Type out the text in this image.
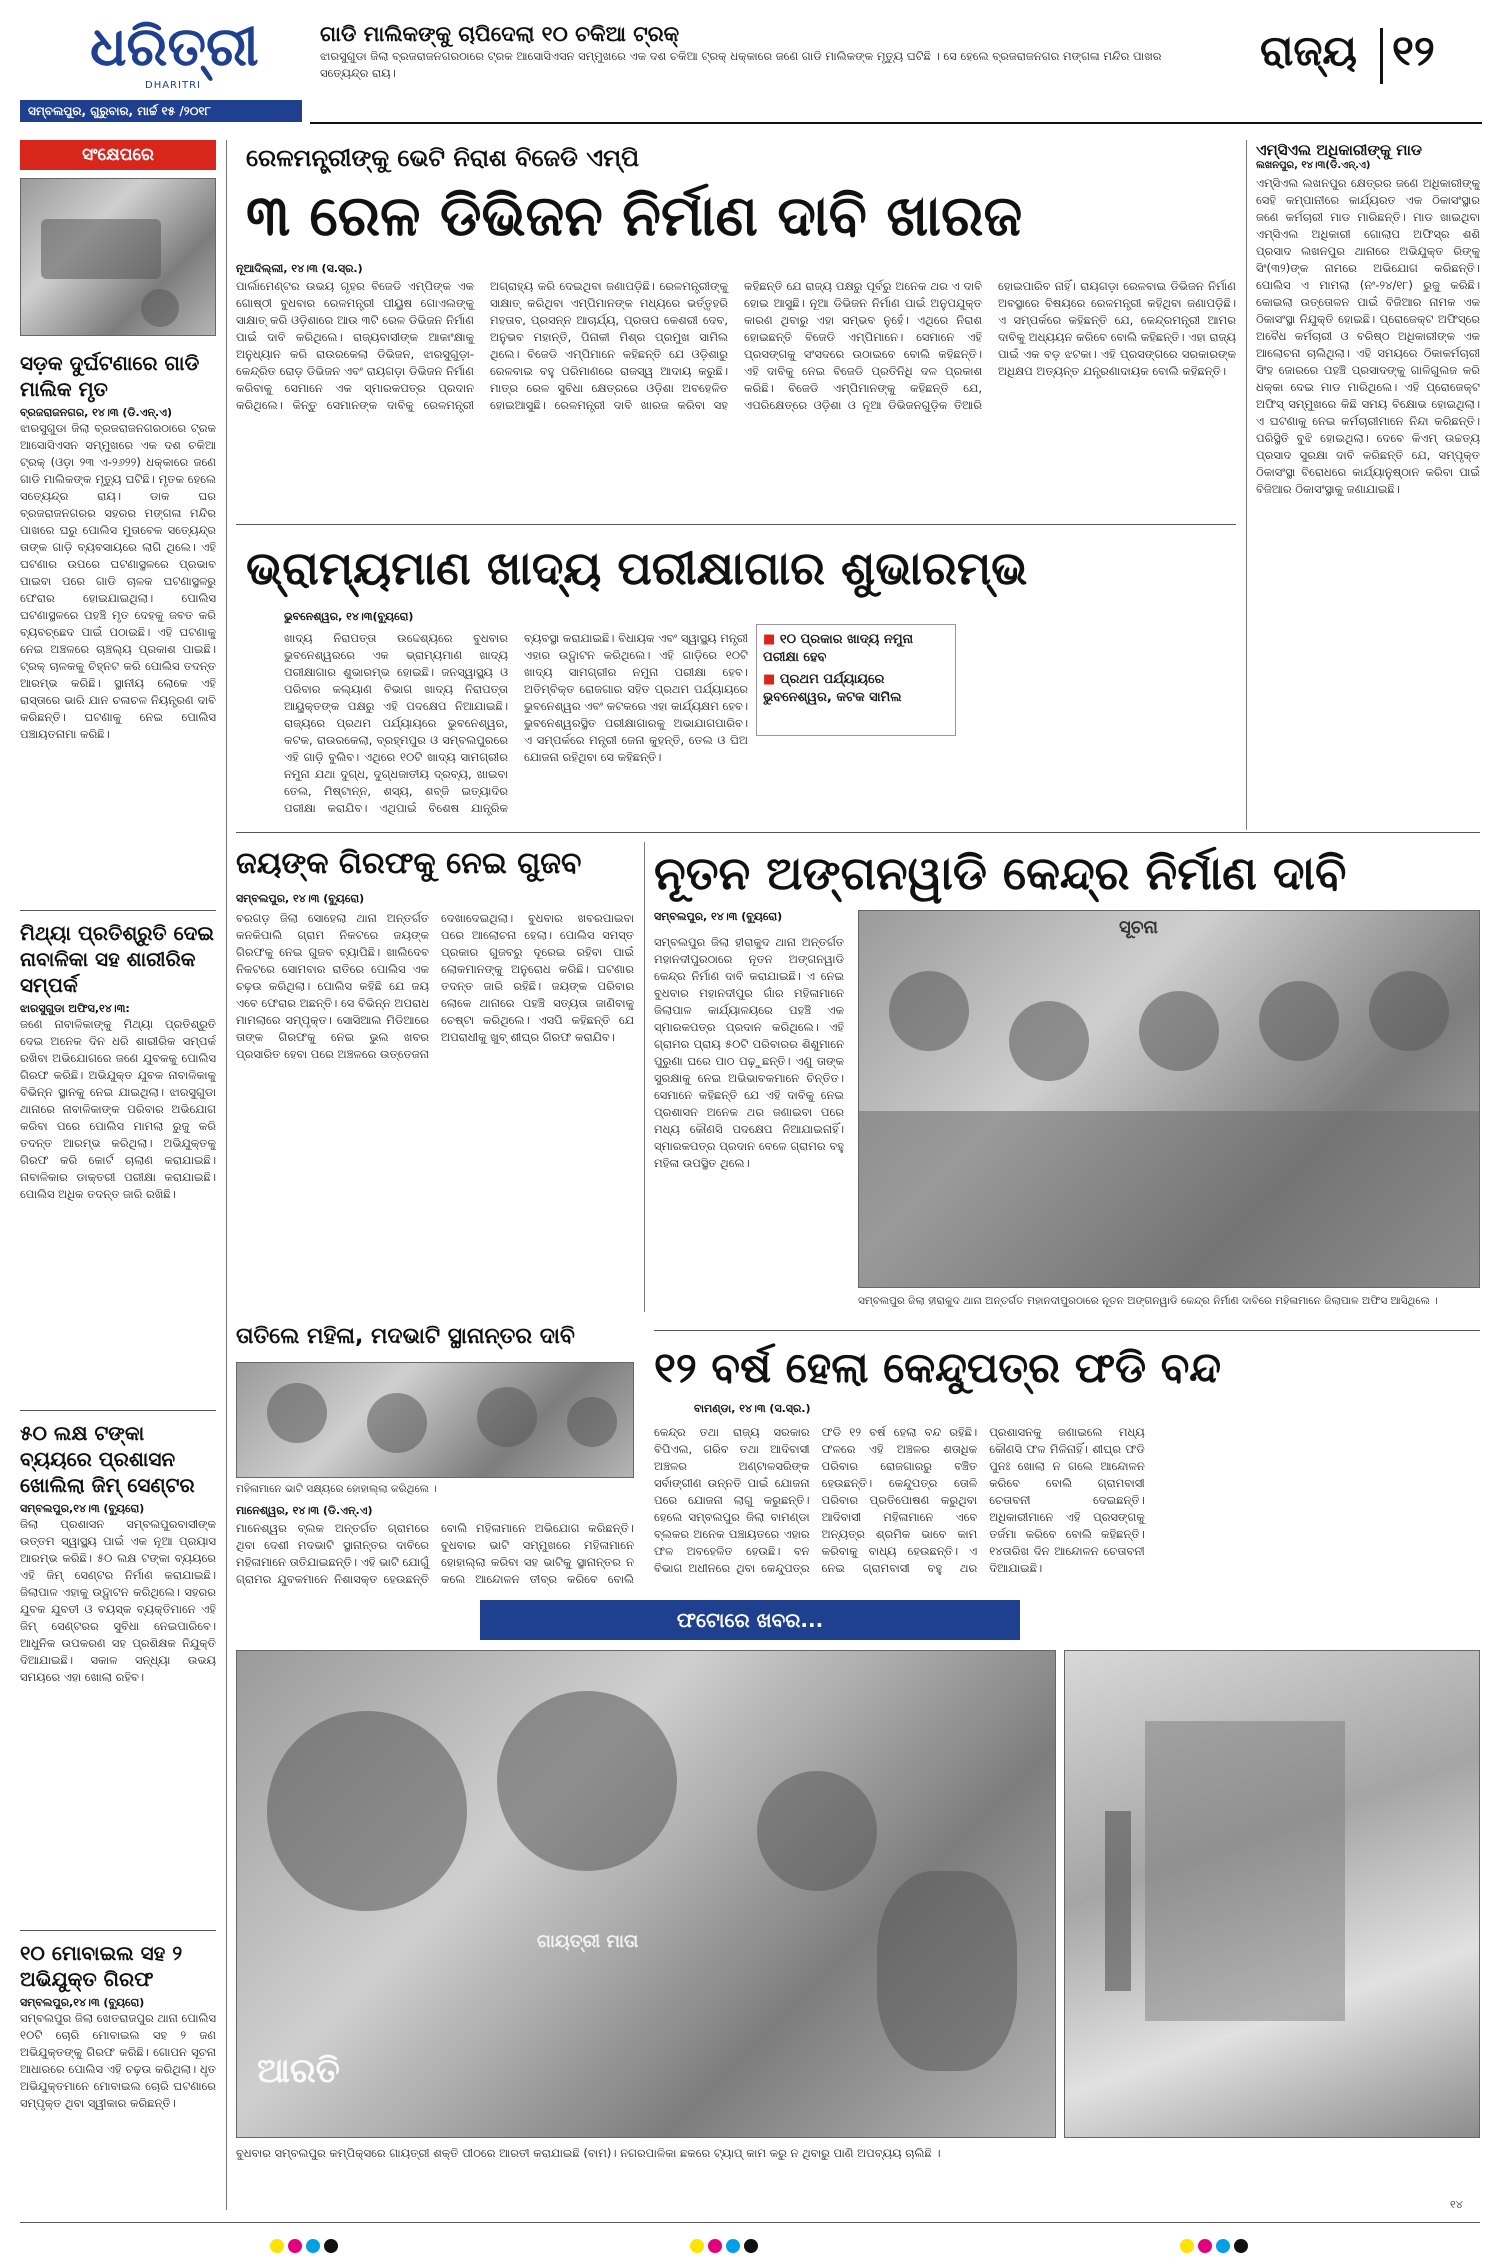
ଧରିତ୍ରୀ
DHARITRI
ସମ୍ବଲପୁର, ଗୁରୁବାର, ମାର୍ଚ୍ଚ ୧୫ /୨୦୧୮
ଗାଡି ମାଲିକଙ୍କୁ ଚାପିଦେଲା ୧୦ ଚକିଆ ଟ୍ରକ୍
ଝାରସୁଗୁଡା ଜିଲା ବ୍ରଜରାଜନଗରଠାରେ ଟ୍ରକ ଆସୋସିଏସନ ସମ୍ମୁଖରେ ଏକ ଦଶ ଚକିଆ ଟ୍ରକ୍ ଧକ୍କାରେ ଜଣେ ଗାଡି ମାଲିକଙ୍କ ମୃତ୍ୟୁ ଘଟିଛି । ସେ ହେଲେ ବ୍ରଜରାଜନଗର ମଙ୍ଗଳା ମନ୍ଦିର ପାଖର ସତ୍ୟେନ୍ଦ୍ର ରାୟ।	ରାଜ୍ୟ ୧୨
ସଂକ୍ଷେପରେ
ସଡ଼କ ଦୁର୍ଘଟଣାରେ ଗାଡି ମାଲିକ ମୃତ
ବ୍ରଜରାଜନଗର, ୧୪।୩ (ଡି.ଏନ୍.ଏ)
ଝାରସୁଗୁଡା ଜିଲା ବ୍ରଜରାଜନଗରଠାରେ ଟ୍ରକ ଆସୋସିଏସନ ସମ୍ମୁଖରେ ଏକ ଦଶ ଚକିଆ ଟ୍ରକ୍ (ଓଡ଼ା ୨୩ ଏ-୨୬୨୨) ଧକ୍କାରେ ଜଣେ ଗାଡି ମାଲିକଙ୍କ ମୃତ୍ୟୁ ଘଟିଛି। ମୃତକ ହେଲେ ସତ୍ୟେନ୍ଦ୍ର ରାୟ। ଡାକ ଘର ବ୍ରଜରାଜନଗରର ସହରର ମଙ୍ଗଳା ମନ୍ଦିର ପାଖରେ ଘରୁ ପୋଲିସ ମୁତାବେକ ସତ୍ୟେନ୍ଦ୍ର ତାଙ୍କ ଗାଡ଼ି ବ୍ୟବସାୟରେ ଲାଗି ଥିଲେ। ଏହି ଘଟଣାର ଉପରେ ଘଟଣାସ୍ଥଳରେ ପ୍ରଭାବ ପାଇବା ପରେ ଗାଡି ଚାଳକ ଘଟଣାସ୍ଥଳରୁ ଫେରାର ହୋଇଯାଇଥିଲା। ପୋଲିସ ଘଟଣାସ୍ଥଳରେ ପହଞ୍ଚି ମୃତ ଦେହକୁ ଜବତ କରି ବ୍ୟବଚ୍ଛେଦ ପାଇଁ ପଠାଇଛି। ଏହି ଘଟଣାକୁ ନେଇ ଅଞ୍ଚଳରେ ଚାଞ୍ଚଲ୍ୟ ପ୍ରକାଶ ପାଇଛି। ଟ୍ରକ୍ ଚାଳକକୁ ଚିହ୍ନଟ କରି ପୋଲିସ ତଦନ୍ତ ଆରମ୍ଭ କରିଛି। ସ୍ଥାନୀୟ ଲୋକେ ଏହି ରାସ୍ତାରେ ଭାରି ଯାନ ଚଳାଚଳ ନିୟନ୍ତ୍ରଣ ଦାବି କରିଛନ୍ତି। ଘଟଣାକୁ ନେଇ ପୋଲିସ ପଞ୍ଚାୟତନାମା କରିଛି।
ମିଥ୍ୟା ପ୍ରତିଶ୍ରୁତି ଦେଇ ନାବାଳିକା ସହ ଶାରୀରିକ ସମ୍ପର୍କ
ଝାରସୁଗୁଡା ଅଫିସ,୧୪।୩:
ଜଣେ ନାବାଳିକାଙ୍କୁ ମିଥ୍ୟା ପ୍ରତିଶ୍ରୁତି ଦେଇ ଅନେକ ଦିନ ଧରି ଶାରୀରିକ ସମ୍ପର୍କ ରଖିବା ଅଭିଯୋଗରେ ଜଣେ ଯୁବକକୁ ପୋଲିସ ଗିରଫ କରିଛି। ଅଭିଯୁକ୍ତ ଯୁବକ ନାବାଳିକାକୁ ବିଭିନ୍ନ ସ୍ଥାନକୁ ନେଇ ଯାଇଥିଲା। ଝାରସୁଗୁଡା ଥାନାରେ ନାବାଳିକାଙ୍କ ପରିବାର ଅଭିଯୋଗ କରିବା ପରେ ପୋଲିସ ମାମଲା ରୁଜୁ କରି ତଦନ୍ତ ଆରମ୍ଭ କରିଥିଲା। ଅଭିଯୁକ୍ତକୁ ଗିରଫ କରି କୋର୍ଟ ଚାଲାଣ କରାଯାଇଛି। ନାବାଳିକାର ଡାକ୍ତରୀ ପରୀକ୍ଷା କରାଯାଇଛି। ପୋଲିସ ଅଧିକ ତଦନ୍ତ ଜାରି ରଖିଛି।
୫୦ ଲକ୍ଷ ଟଙ୍କା ବ୍ୟୟରେ ପ୍ରଶାସନ ଖୋଲିଲା ଜିମ୍ ସେଣ୍ଟର
ସମ୍ବଲପୁର,୧୪।୩ (ବ୍ୟୁରୋ)
ଜିଲା ପ୍ରଶାସନ ସମ୍ବଲପୁରବାସୀଙ୍କ ଉତ୍ତମ ସ୍ୱାସ୍ଥ୍ୟ ପାଇଁ ଏକ ନୂଆ ପ୍ରୟାସ ଆରମ୍ଭ କରିଛି। ୫୦ ଲକ୍ଷ ଟଙ୍କା ବ୍ୟୟରେ ଏହି ଜିମ୍ ସେଣ୍ଟର ନିର୍ମାଣ କରାଯାଇଛି। ଜିଲାପାଳ ଏହାକୁ ଉଦ୍ଘାଟନ କରିଥିଲେ। ସହରର ଯୁବକ ଯୁବତୀ ଓ ବୟସ୍କ ବ୍ୟକ୍ତିମାନେ ଏହି ଜିମ୍ ସେଣ୍ଟରର ସୁବିଧା ନେଇପାରିବେ। ଆଧୁନିକ ଉପକରଣ ସହ ପ୍ରଶିକ୍ଷକ ନିଯୁକ୍ତି ଦିଆଯାଇଛି। ସକାଳ ସନ୍ଧ୍ୟା ଉଭୟ ସମୟରେ ଏହା ଖୋଲା ରହିବ।
୧୦ ମୋବାଇଲ ସହ ୨ ଅଭିଯୁକ୍ତ ଗିରଫ
ସମ୍ବଲପୁର,୧୪।୩ (ବ୍ୟୁରୋ)
ସମ୍ବଲପୁର ଜିଲା ଖେତରାଜପୁର ଥାନା ପୋଲିସ ୧୦ଟି ଚୋରି ମୋବାଇଲ ସହ ୨ ଜଣ ଅଭିଯୁକ୍ତଙ୍କୁ ଗିରଫ କରିଛି। ଗୋପନ ସୂଚନା ଆଧାରରେ ପୋଲିସ ଏହି ଚଢ଼ଉ କରିଥିଲା। ଧୃତ ଅଭିଯୁକ୍ତମାନେ ମୋବାଇଲ ଚୋରି ଘଟଣାରେ ସମ୍ପୃକ୍ତ ଥିବା ସ୍ୱୀକାର କରିଛନ୍ତି।
ରେଳମନ୍ତ୍ରୀଙ୍କୁ ଭେଟି ନିରାଶ ବିଜେଡି ଏମ୍‌ପି
୩ ରେଳ ଡିଭିଜନ ନିର୍ମାଣ ଦାବି ଖାରଜ
ନୂଆଦିଲ୍ଲୀ, ୧୪।୩ (ସ.ସ୍ର.)
ପାର୍ଲାମେଣ୍ଟର ଉଭୟ ଗୃହର ବିଜେଡି ଏମ୍‌ପିଙ୍କ ଏକ ଗୋଷ୍ଠୀ ବୁଧବାର ରେଳମନ୍ତ୍ରୀ ପୀୟୁଷ ଗୋଏଲଙ୍କୁ ସାକ୍ଷାତ୍ କରି ଓଡ଼ିଶାରେ ଆଉ ୩ଟି ରେଳ ଡିଭିଜନ ନିର୍ମାଣ ପାଇଁ ଦାବି କରିଥିଲେ। ରାଜ୍ୟବାସୀଙ୍କ ଆକାଂକ୍ଷାକୁ ଅନୁଧ୍ୟାନ କରି ରାଉରକେଲା ଡିଭିଜନ, ଝାରସୁଗୁଡ଼ା-କେନ୍ଦ୍ରିତ ରୋଡ଼ ଡିଭିଜନ ଏବଂ ରାୟଗଡ଼ା ଡିଭିଜନ ନିର୍ମାଣ କରିବାକୁ ସେମାନେ ଏକ ସ୍ମାରକପତ୍ର ପ୍ରଦାନ କରିଥିଲେ। କିନ୍ତୁ ସେମାନଙ୍କ ଦାବିକୁ ରେଳମନ୍ତ୍ରୀ ଅଗ୍ରାହ୍ୟ କରି ଦେଇଥିବା ଜଣାପଡ଼ିଛି। ରେଳମନ୍ତ୍ରୀଙ୍କୁ ସାକ୍ଷାତ୍ କରିଥିବା ଏମ୍‌ପିମାନଙ୍କ ମଧ୍ୟରେ ଭର୍ତ୍ତୃହରି ମହତାବ, ପ୍ରସନ୍ନ ଆଚାର୍ଯ୍ୟ, ପ୍ରତାପ କେଶରୀ ଦେବ, ଅନୁଭବ ମହାନ୍ତି, ପିନାକୀ ମିଶ୍ର ପ୍ରମୁଖ ସାମିଲ ଥିଲେ। ବିଜେଡି ଏମ୍‌ପିମାନେ କହିଛନ୍ତି ଯେ ଓଡ଼ିଶାରୁ ରେଳବାଇ ବହୁ ପରିମାଣରେ ରାଜସ୍ୱ ଆଦାୟ କରୁଛି। ମାତ୍ର ରେଳ ସୁବିଧା କ୍ଷେତ୍ରରେ ଓଡ଼ିଶା ଅବହେଳିତ ହୋଇଆସୁଛି। ରେଳମନ୍ତ୍ରୀ ଦାବି ଖାରଜ କରିବା ସହ କହିଛନ୍ତି ଯେ ରାଜ୍ୟ ପକ୍ଷରୁ ପୂର୍ବରୁ ଅନେକ ଥର ଏ ଦାବି ହୋଇ ଆସୁଛି। ନୂଆ ଡିଭିଜନ ନିର୍ମାଣ ପାଇଁ ଅନୁପଯୁକ୍ତ କାରଣ ଥିବାରୁ ଏହା ସମ୍ଭବ ନୁହେଁ। ଏଥିରେ ନିରାଶ ହୋଇଛନ୍ତି ବିଜେଡି ଏମ୍‌ପିମାନେ। ସେମାନେ ଏହି ପ୍ରସଙ୍ଗକୁ ସଂସଦରେ ଉଠାଇବେ ବୋଲି କହିଛନ୍ତି। ଏହି ଦାବିକୁ ନେଇ ବିଜେଡି ପ୍ରତିନିଧି ଦଳ ପ୍ରକାଶ କରିଛି। ବିଜେଡି ଏମ୍‌ପିମାନଙ୍କୁ କହିଛନ୍ତି ଯେ, ଏପରିକ୍ଷେତ୍ରେ ଓଡ଼ିଶା ଓ ନୂଆ ଡିଭିଜନଗୁଡ଼ିକ ତିଆରି ହୋଇପାରିବ ନାହିଁ। ରାୟଗଡ଼ା ରେଳବାଇ ଡିଭିଜନ ନିର୍ମାଣ ଅବସ୍ଥାରେ ବିଷୟରେ ରେଳମନ୍ତ୍ରୀ କହିଥିବା ଜଣାପଡ଼ିଛି। ଏ ସମ୍ପର୍କରେ କହିଛନ୍ତି ଯେ, କେନ୍ଦ୍ରମନ୍ତ୍ରୀ ଆମର ଦାବିକୁ ଅଧ୍ୟୟନ କରିବେ ବୋଲି କହିଛନ୍ତି। ଏହା ରାଜ୍ୟ ପାଇଁ ଏକ ବଡ଼ ଝଟକା। ଏହି ପ୍ରସଙ୍ଗରେ ସରକାରଙ୍କ ଅଧିକ୍ଷପ ଅତ୍ୟନ୍ତ ଯନ୍ତ୍ରଣାଦାୟକ ବୋଲି କହିଛନ୍ତି।
ଏମ୍‌ସିଏଲ ଅଧିକାରୀଙ୍କୁ ମାଡ
ଲଖନପୁର, ୧୪।୩(ଡି.ଏନ୍.ଏ)
ଏମ୍‌ସିଏଲ ଲଖନପୁର କ୍ଷେତ୍ରର ଜଣେ ଅଧିକାରୀଙ୍କୁ ସେହି କମ୍ପାନୀରେ କାର୍ଯ୍ୟରତ ଏକ ଠିକାସଂସ୍ଥାର ଜଣେ କର୍ମଚାରୀ ମାଡ ମାରିଛନ୍ତି। ମାଡ ଖାଇଥିବା ଏମ୍‌ସିଏଲ ଅଧିକାରୀ ଗୋଲାପ ଅଫିସ୍‌ର ଶଶି ପ୍ରସାଦ ଲଖନପୁର ଥାନାରେ ଅଭିଯୁକ୍ତ ରିଙ୍କୁ ସିଂ(୩୨)ଙ୍କ ନାମରେ ଅଭିଯୋଗ କରିଛନ୍ତି। ପୋଲିସ ଏ ମାମଲା (ନଂ-୨୪/୧୮) ରୁଜୁ କରିଛି। କୋଇଲା ଉତ୍ତୋଳନ ପାଇଁ ବିଜିଆର ନାମକ ଏକ ଠିକାସଂସ୍ଥା ନିଯୁକ୍ତି ହୋଇଛି। ପ୍ରୋଜେକ୍ଟ ଅଫିସ୍‌ରେ ଅବୈଧ କର୍ମଚାରୀ ଓ ବରିଷ୍ଠ ଅଧିକାରୀଙ୍କ ଏକ ଆଲୋଚନା ଚାଲିଥିଲା। ଏହି ସମୟରେ ଠିକାକର୍ମଚାରୀ ସିଂହ ଜୋରରେ ପହଞ୍ଚି ପ୍ରସାଦଙ୍କୁ ଗାଳିଗୁଲଜ କରି ଧକ୍କା ଦେଇ ମାଡ ମାରିଥିଲେ। ଏହି ପ୍ରୋଜେକ୍ଟ ଅଫିସ୍ ସମ୍ମୁଖରେ କିଛି ସମୟ ବିକ୍ଷୋଭ ହୋଇଥିଲା। ଏ ଘଟଣାକୁ ନେଇ କର୍ମଚାରୀମାନେ ନିନ୍ଦା କରିଛନ୍ତି। ପରିସ୍ଥିତି ବୁଝି ହୋଇଥିଲା। ଦେବେ କିଏମ୍ ଉଚ୍ଚତ୍ୟ ପ୍ରସାଦ ସୁରକ୍ଷା ଦାବି କରିଛନ୍ତି ଯେ, ସମ୍ପୃକ୍ତ ଠିକାସଂସ୍ଥା ବିରୋଧରେ କାର୍ଯ୍ୟାନୁଷ୍ଠାନ କରିବା ପାଇଁ ବିଜିଆର ଠିକାସଂସ୍ଥାକୁ ଜଣାଯାଇଛି।
ଭ୍ରାମ୍ୟମାଣ ଖାଦ୍ୟ ପରୀକ୍ଷାଗାର ଶୁଭାରମ୍ଭ
ଭୁବନେଶ୍ୱର, ୧୪।୩(ବ୍ୟୁରୋ)
ଖାଦ୍ୟ ନିରାପତ୍ତା ଉଦ୍ଦେଶ୍ୟରେ ବୁଧବାର ଭୁବନେଶ୍ୱରରେ ଏକ ଭ୍ରାମ୍ୟମାଣ ଖାଦ୍ୟ ପରୀକ୍ଷାଗାର ଶୁଭାରମ୍ଭ ହୋଇଛି। ଜନସ୍ୱାସ୍ଥ୍ୟ ଓ ପରିବାର କଲ୍ୟାଣ ବିଭାଗ ଖାଦ୍ୟ ନିରାପତ୍ତା ଆୟୁକ୍ତଙ୍କ ପକ୍ଷରୁ ଏହି ପଦକ୍ଷେପ ନିଆଯାଇଛି। ରାଜ୍ୟରେ ପ୍ରଥମ ପର୍ଯ୍ୟାୟରେ ଭୁବନେଶ୍ୱର, କଟକ, ରାଉରକେଲା, ବ୍ରହ୍ମପୁର ଓ ସମ୍ବଲପୁରରେ ଏହି ଗାଡ଼ି ବୁଲିବ। ଏଥିରେ ୧୦ଟି ଖାଦ୍ୟ ସାମଗ୍ରୀର ନମୁନା ଯଥା ଦୁଗ୍ଧ, ଦୁଗ୍ଧଜାତୀୟ ଦ୍ରବ୍ୟ, ଖାଇବା ତେଲ, ମିଷ୍ଟାନ୍ନ, ଶସ୍ୟ, ଶବ୍ଜି ଇତ୍ୟାଦିର ପରୀକ୍ଷା କରାଯିବ। ଏଥିପାଇଁ ବିଶେଷ ଯାନ୍ତ୍ରିକ ବ୍ୟବସ୍ଥା କରାଯାଇଛି। ବିଧାୟକ ଏବଂ ସ୍ୱାସ୍ଥ୍ୟ ମନ୍ତ୍ରୀ ଏହାର ଉଦ୍ଘାଟନ କରିଥିଲେ। ଏହି ଗାଡ଼ିରେ ୧୦ଟି ଖାଦ୍ୟ ସାମଗ୍ରୀର ନମୁନା ପରୀକ୍ଷା ହେବ। ଅତିମ୍ବିକ୍ତ ରୋଜଗାର ସହିତ ପ୍ରଥମ ପର୍ଯ୍ୟାୟରେ ଭୁବନେଶ୍ୱର ଏବଂ କଟକରେ ଏହା କାର୍ଯ୍ୟକ୍ଷମ ହେବ। ଭୁବନେଶ୍ୱରସ୍ଥିତ ପରୀକ୍ଷାଗାରକୁ ଅଭାଯାଗପାରିବ। ଏ ସମ୍ପର୍କରେ ମନ୍ତ୍ରୀ ଜେନା କୁହନ୍ତି, ତେଲ ଓ ଘିଅ ଯୋଜନା ରହିଥିବା ସେ କହିଛନ୍ତି।
■ ୧୦ ପ୍ରକାର ଖାଦ୍ୟ ନମୁନା ପରୀକ୍ଷା ହେବ
■ ପ୍ରଥମ ପର୍ଯ୍ୟାୟରେ ଭୁବନେଶ୍ୱର, କଟକ ସାମିଲ
ଜୟଙ୍କ ଗିରଫକୁ ନେଇ ଗୁଜବ
ସମ୍ବଲପୁର, ୧୪।୩ (ବ୍ୟୁରୋ)
ବରଗଡ଼ ଜିଲା ସୋହେଲା ଥାନା ଅନ୍ତର୍ଗତ କନକିପାଲି ଗ୍ରାମ ନିକଟରେ ଜୟଙ୍କ ଗିରଫକୁ ନେଇ ଗୁଜବ ବ୍ୟାପିଛି। ଖାଲିଦେବ ନିକଟରେ ସୋମବାର ରାତିରେ ପୋଲିସ ଏକ ଚଢ଼ଉ କରିଥିଲା। ପୋଲିସ କହିଛି ଯେ ଜୟ ଏବେ ଫେରାର ଅଛନ୍ତି। ସେ ବିଭିନ୍ନ ଅପରାଧ ମାମଲାରେ ସମ୍ପୃକ୍ତ। ସୋସିଆଲ ମିଡିଆରେ ତାଙ୍କ ଗିରଫକୁ ନେଇ ଭୁଲ ଖବର ପ୍ରସାରିତ ହେବା ପରେ ଅଞ୍ଚଳରେ ଉତ୍ତେଜନା ଦେଖାଦେଇଥିଲା। ବୁଧବାର ଖବରପାଇବା ପରେ ଆଲୋଚନା ହେଲା। ପୋଲିସ ସମସ୍ତ ପ୍ରକାର ଗୁଜବରୁ ଦୂରେଇ ରହିବା ପାଇଁ ଲୋକମାନଙ୍କୁ ଅନୁରୋଧ କରିଛି। ଘଟଣାର ତଦନ୍ତ ଜାରି ରହିଛି। ଜୟଙ୍କ ପରିବାର ଲୋକେ ଥାନାରେ ପହଞ୍ଚି ସତ୍ୟତା ଜାଣିବାକୁ ଚେଷ୍ଟା କରିଥିଲେ। ଏସପି କହିଛନ୍ତି ଯେ ଅପରାଧୀକୁ ଖୁବ୍ ଶୀଘ୍ର ଗିରଫ କରାଯିବ।
ନୂତନ ଅଙ୍ଗନୱାଡି କେନ୍ଦ୍ର ନିର୍ମାଣ ଦାବି
ସମ୍ବଲପୁର, ୧୪।୩ (ବ୍ୟୁରୋ)
ସମ୍ବଲପୁର ଜିଲା ହୀରାକୁଦ ଥାନା ଅନ୍ତର୍ଗତ ମହାନଦୀପୁରଠାରେ ନୂତନ ଅଙ୍ଗନୱାଡି କେନ୍ଦ୍ର ନିର୍ମାଣ ଦାବି କରାଯାଇଛି। ଏ ନେଇ ବୁଧବାର ମହାନଦୀପୁର ଗାଁର ମହିଳାମାନେ ଜିଲାପାଳ କାର୍ଯ୍ୟାଳୟରେ ପହଞ୍ଚି ଏକ ସ୍ମାରକପତ୍ର ପ୍ରଦାନ କରିଥିଲେ। ଏହି ଗ୍ରାମର ପ୍ରାୟ ୫୦ଟି ପରିବାରର ଶିଶୁମାନେ ପୁରୁଣା ଘରେ ପାଠ ପଢ଼ୁଛନ୍ତି। ଏଣୁ ତାଙ୍କ ସୁରକ୍ଷାକୁ ନେଇ ଅଭିଭାବକମାନେ ଚିନ୍ତିତ। ସେମାନେ କହିଛନ୍ତି ଯେ ଏହି ଦାବିକୁ ନେଇ ପ୍ରଶାସନ ଅନେକ ଥର ଜଣାଇବା ପରେ ମଧ୍ୟ କୌଣସି ପଦକ୍ଷେପ ନିଆଯାଇନାହିଁ। ସ୍ମାରକପତ୍ର ପ୍ରଦାନ ବେଳେ ଗ୍ରାମର ବହୁ ମହିଳା ଉପସ୍ଥିତ ଥିଲେ।
ସୂଚନା
ସମ୍ବଲପୁର ଜିଲା ହୀରାକୁଦ ଥାନା ଅନ୍ତର୍ଗତ ମହାନଦୀପୁରଠାରେ ନୂତନ ଅଙ୍ଗନୱାଡି କେନ୍ଦ୍ର ନିର୍ମାଣ ଦାବିରେ ମହିଳାମାନେ ଜିଲାପାଳ ଅଫିସ ଆସିଥିଲେ ।
ତାତିଲେ ମହିଳା, ମଦଭାଟି ସ୍ଥାନାନ୍ତର ଦାବି
ମହିଳାମାନେ ଭାଟି ସକ୍ଷ୍ୟରେ ହୋହାଲ୍ଲା କରିଥିଲେ ।
ମାନେଶ୍ୱର, ୧୪।୩ (ଡି.ଏନ୍.ଏ)
ମାନେଶ୍ୱର ବ୍ଲକ ଅନ୍ତର୍ଗତ ଗ୍ରାମରେ ଥିବା ଦେଶୀ ମଦଭାଟି ସ୍ଥାନାନ୍ତର ଦାବିରେ ମହିଳାମାନେ ତାତିଯାଇଛନ୍ତି। ଏହି ଭାଟି ଯୋଗୁଁ ଗ୍ରାମର ଯୁବକମାନେ ନିଶାସକ୍ତ ହେଉଛନ୍ତି ବୋଲି ମହିଳାମାନେ ଅଭିଯୋଗ କରିଛନ୍ତି। ବୁଧବାର ଭାଟି ସମ୍ମୁଖରେ ମହିଳାମାନେ ହୋହାଲ୍ଲା କରିବା ସହ ଭାଟିକୁ ସ୍ଥାନାନ୍ତର ନ କଲେ ଆନ୍ଦୋଳନ ତୀବ୍ର କରିବେ ବୋଲି
୧୨ ବର୍ଷ ହେଲା କେନ୍ଦୁପତ୍ର ଫଡି ବନ୍ଦ
ବାମଣ୍ଡା, ୧୪।୩ (ସ.ସ୍ର.)
କେନ୍ଦ୍ର ତଥା ରାଜ୍ୟ ସରକାର ବିପିଏଲ, ଗରିବ ତଥା ଆଦିବାସୀ ଅଞ୍ଚଳର ଅଣ୍ଟାଳସରିଙ୍କ ସର୍ବାଙ୍ଗୀଣ ଉନ୍ନତି ପାଇଁ ଯୋଜନା ପରେ ଯୋଜନା ଲାଗୁ କରୁଛନ୍ତି। ହେଲେ ସମ୍ବଲପୁର ଜିଲା ବାମଣ୍ଡା ବ୍ଲକର ଅନେକ ପଞ୍ଚାୟତରେ ଏହାର ଫଳ ଅବହେଳିତ ହେଉଛି। ବନ ବିଭାଗ ଅଧୀନରେ ଥିବା କେନ୍ଦୁପତ୍ର ଫଡି ୧୨ ବର୍ଷ ହେଲା ବନ୍ଦ ରହିଛି। ଫଳରେ ଏହି ଅଞ୍ଚଳର ଶତାଧିକ ପରିବାର ରୋଜଗାରରୁ ବଞ୍ଚିତ ହେଉଛନ୍ତି। କେନ୍ଦୁପତ୍ର ତୋଳି ପରିବାର ପ୍ରତିପୋଷଣ କରୁଥିବା ଆଦିବାସୀ ମହିଳାମାନେ ଏବେ ଅନ୍ୟତ୍ର ଶ୍ରମିକ ଭାବେ କାମ କରିବାକୁ ବାଧ୍ୟ ହେଉଛନ୍ତି। ଏ ନେଇ ଗ୍ରାମବାସୀ ବହୁ ଥର ପ୍ରଶାସନକୁ ଜଣାଇଲେ ମଧ୍ୟ କୌଣସି ଫଳ ମିଳିନାହିଁ। ଶୀଘ୍ର ଫଡି ପୁନଃ ଖୋଲା ନ ଗଲେ ଆନ୍ଦୋଳନ କରିବେ ବୋଲି ଗ୍ରାମବାସୀ ଚେତାବନୀ ଦେଇଛନ୍ତି। ଅଧିକାରୀମାନେ ଏହି ପ୍ରସଙ୍ଗକୁ ତର୍ଜମା କରିବେ ବୋଲି କହିଛନ୍ତି। ୧୪ତାରିଖ ଦିନ ଆନ୍ଦୋଳନ ଚେତାବନୀ ଦିଆଯାଇଛି।
ଫଟୋରେ ଖବର...
ଗାୟତ୍ରୀ ମାତା
ଆରତି
ବୁଧବାର ସମ୍ବଲପୁର କମ୍ପିକ୍ସରେ ଗାୟତ୍ରୀ ଶକ୍ତି ପୀଠରେ ଆରତୀ କରାଯାଇଛି (ବାମ)। ନଗରପାଳିକା ଛକରେ ଟ୍ୟାପ୍ କାମ କରୁ ନ ଥିବାରୁ ପାଣି ଅପବ୍ୟୟ ଚାଲିଛି ।
୧୪
